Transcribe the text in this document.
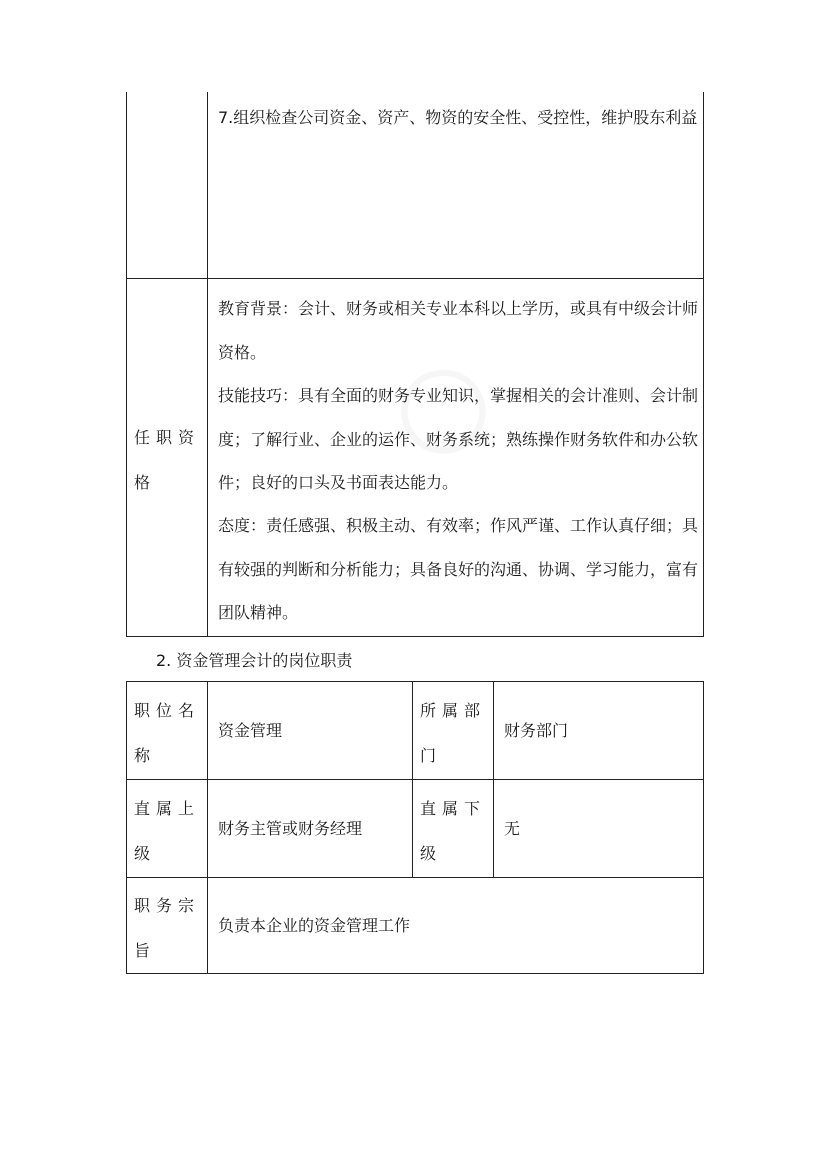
7.组织检查公司资金、资产、物资的安全性、受控性，维护股东利益
任职资格
教育背景：会计、财务或相关专业本科以上学历，或具有中级会计师资格。
技能技巧：具有全面的财务专业知识，掌握相关的会计准则、会计制度；了解行业、企业的运作、财务系统；熟练操作财务软件和办公软件；良好的口头及书面表达能力。
态度：责任感强、积极主动、有效率；作风严谨、工作认真仔细；具有较强的判断和分析能力；具备良好的沟通、协调、学习能力，富有团队精神。
2. 资金管理会计的岗位职责
职位名称
资金管理
所属部门
财务部门
直属上级
财务主管或财务经理
直属下级
无
职务宗旨
负责本企业的资金管理工作
